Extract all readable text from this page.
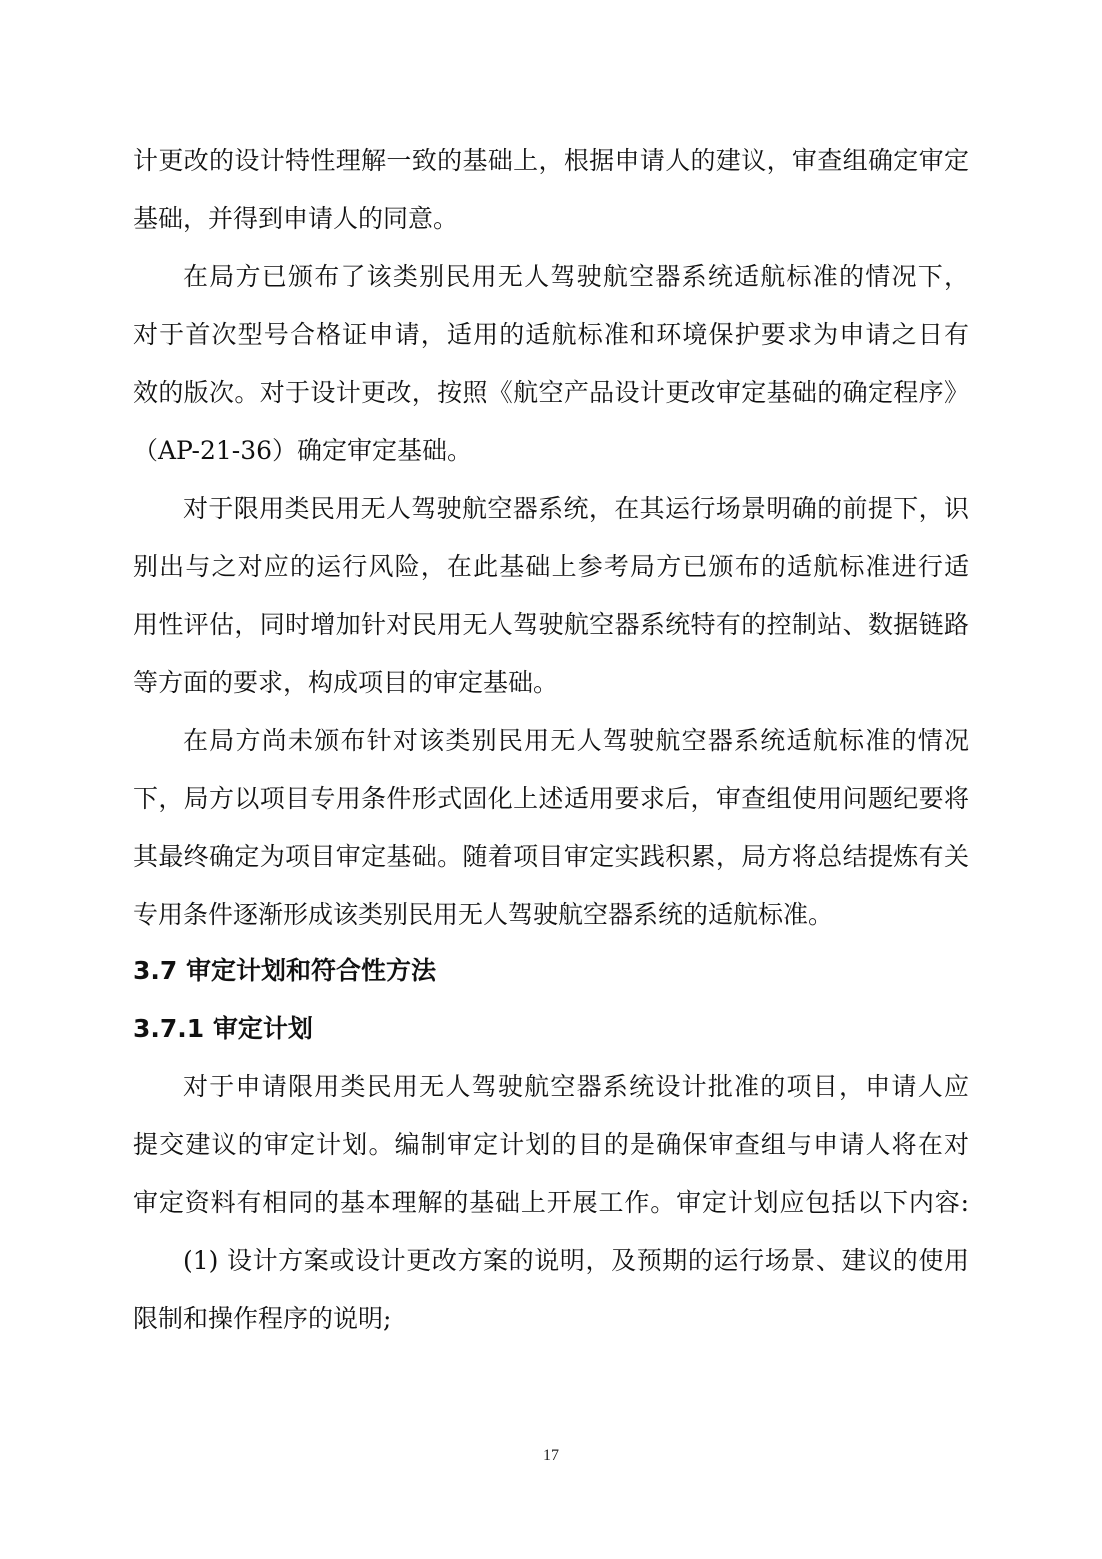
计更改的设计特性理解一致的基础上，根据申请人的建议，审查组确定审定
基础，并得到申请人的同意。
在局方已颁布了该类别民用无人驾驶航空器系统适航标准的情况下，
对于首次型号合格证申请，适用的适航标准和环境保护要求为申请之日有
效的版次。对于设计更改，按照《航空产品设计更改审定基础的确定程序》
（AP-21-36）确定审定基础。
对于限用类民用无人驾驶航空器系统，在其运行场景明确的前提下，识
别出与之对应的运行风险，在此基础上参考局方已颁布的适航标准进行适
用性评估，同时增加针对民用无人驾驶航空器系统特有的控制站、数据链路
等方面的要求，构成项目的审定基础。
在局方尚未颁布针对该类别民用无人驾驶航空器系统适航标准的情况
下，局方以项目专用条件形式固化上述适用要求后，审查组使用问题纪要将
其最终确定为项目审定基础。随着项目审定实践积累，局方将总结提炼有关
专用条件逐渐形成该类别民用无人驾驶航空器系统的适航标准。
3.7 审定计划和符合性方法
3.7.1 审定计划
对于申请限用类民用无人驾驶航空器系统设计批准的项目，申请人应
提交建议的审定计划。编制审定计划的目的是确保审查组与申请人将在对
审定资料有相同的基本理解的基础上开展工作。审定计划应包括以下内容:
(1) 设计方案或设计更改方案的说明，及预期的运行场景、建议的使用
限制和操作程序的说明;
17
